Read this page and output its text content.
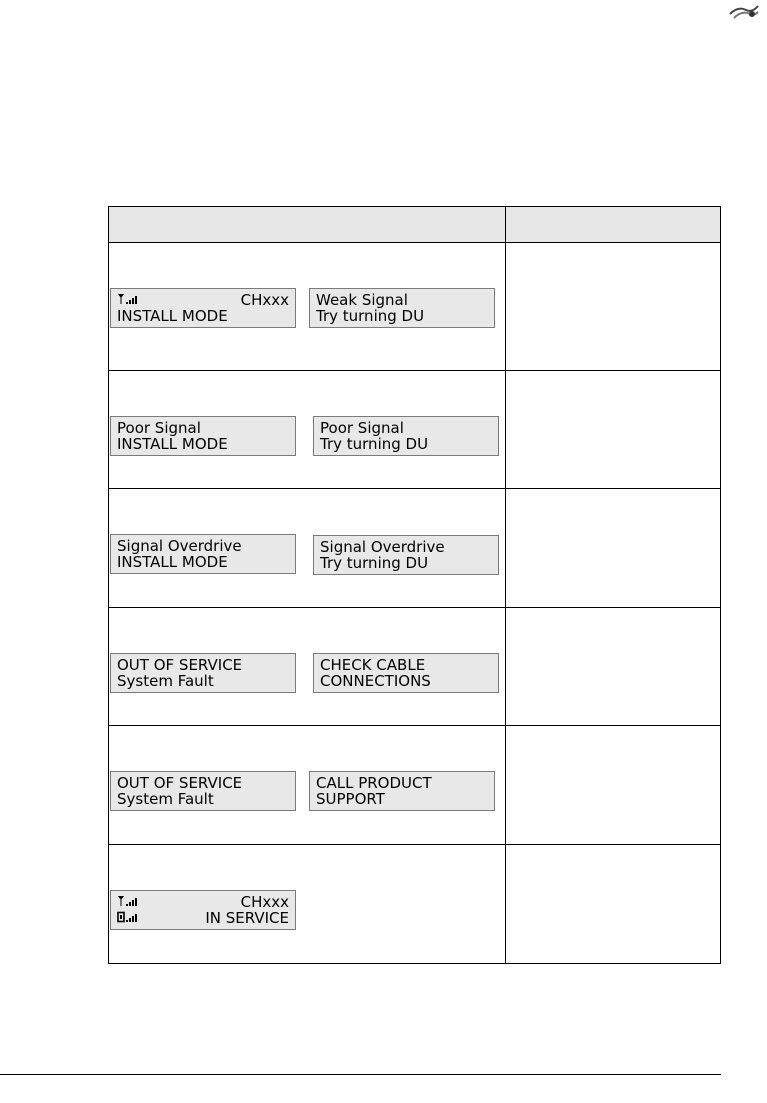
CHxxx
INSTALL MODE
Weak Signal
Try turning DU	

Poor Signal
INSTALL MODE
Poor Signal
Try turning DU	

Signal Overdrive
INSTALL MODE
Signal Overdrive
Try turning DU	

OUT OF SERVICE
System Fault
CHECK CABLE
CONNECTIONS	

OUT OF SERVICE
System Fault
CALL PRODUCT
SUPPORT	

CHxxx
IN SERVICE	
